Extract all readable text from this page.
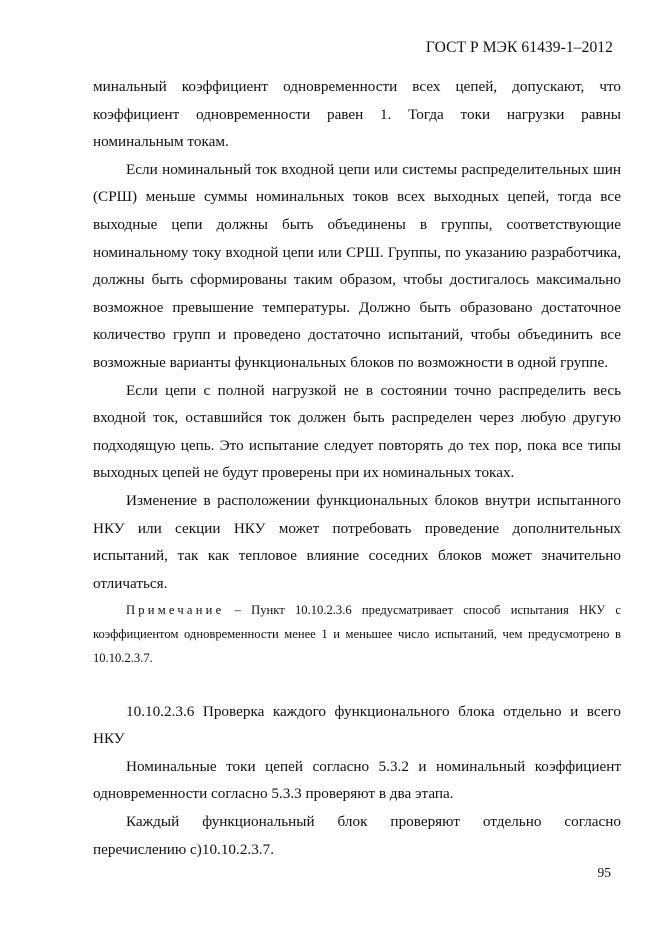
ГОСТ Р МЭК 61439-1–2012

минальный коэффициент одновременности всех цепей, допускают, что коэффициент одновременности равен 1. Тогда токи нагрузки равны номинальным токам.

Если номинальный ток входной цепи или системы распределительных шин (СРШ) меньше суммы номинальных токов всех выходных цепей, тогда все выходные цепи должны быть объединены в группы, соответствующие номинальному току входной цепи или СРШ. Группы, по указанию разработчика, должны быть сформированы таким образом, чтобы достигалось максимально возможное превышение температуры. Должно быть образовано достаточное количество групп и проведено достаточно испытаний, чтобы объединить все возможные варианты функциональных блоков по возможности в одной группе.

Если цепи с полной нагрузкой не в состоянии точно распределить весь входной ток, оставшийся ток должен быть распределен через любую другую подходящую цепь. Это испытание следует повторять до тех пор, пока все типы выходных цепей не будут проверены при их номинальных токах.

Изменение в расположении функциональных блоков внутри испытанного НКУ или секции НКУ может потребовать проведение дополнительных испытаний, так как тепловое влияние соседних блоков может значительно отличаться.

Примечание – Пункт 10.10.2.3.6 предусматривает способ испытания НКУ с коэффициентом одновременности менее 1 и меньшее число испытаний, чем предусмотрено в 10.10.2.3.7.

10.10.2.3.6 Проверка каждого функционального блока отдельно и всего НКУ

Номинальные токи цепей согласно 5.3.2 и номинальный коэффициент одновременности согласно 5.3.3 проверяют в два этапа.

Каждый функциональный блок проверяют отдельно согласно перечислению с)10.10.2.3.7.

95
